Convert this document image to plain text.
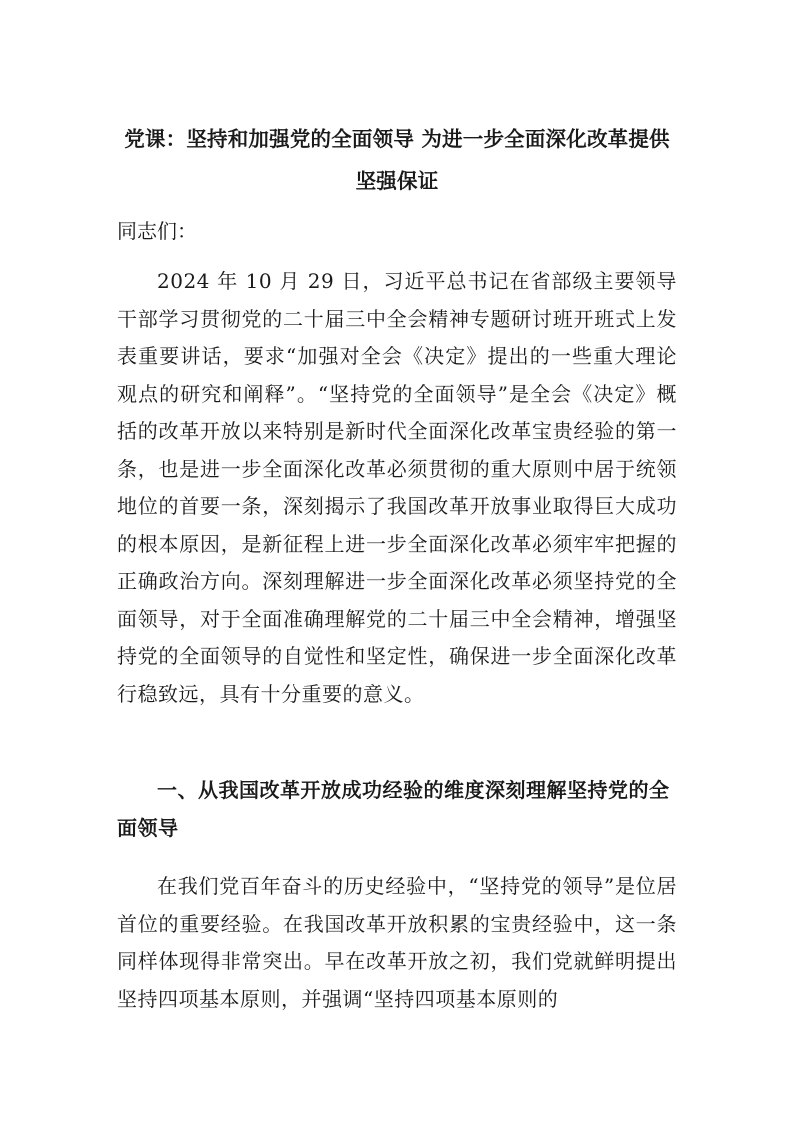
党课：坚持和加强党的全面领导 为进一步全面深化改革提供坚强保证

同志们：

2024 年 10 月 29 日，习近平总书记在省部级主要领导干部学习贯彻党的二十届三中全会精神专题研讨班开班式上发表重要讲话，要求“加强对全会《决定》提出的一些重大理论观点的研究和阐释”。“坚持党的全面领导”是全会《决定》概括的改革开放以来特别是新时代全面深化改革宝贵经验的第一条，也是进一步全面深化改革必须贯彻的重大原则中居于统领地位的首要一条，深刻揭示了我国改革开放事业取得巨大成功的根本原因，是新征程上进一步全面深化改革必须牢牢把握的正确政治方向。深刻理解进一步全面深化改革必须坚持党的全面领导，对于全面准确理解党的二十届三中全会精神，增强坚持党的全面领导的自觉性和坚定性，确保进一步全面深化改革行稳致远，具有十分重要的意义。

一、从我国改革开放成功经验的维度深刻理解坚持党的全面领导

在我们党百年奋斗的历史经验中，“坚持党的领导”是位居首位的重要经验。在我国改革开放积累的宝贵经验中，这一条同样体现得非常突出。早在改革开放之初，我们党就鲜明提出坚持四项基本原则，并强调“坚持四项基本原则的
